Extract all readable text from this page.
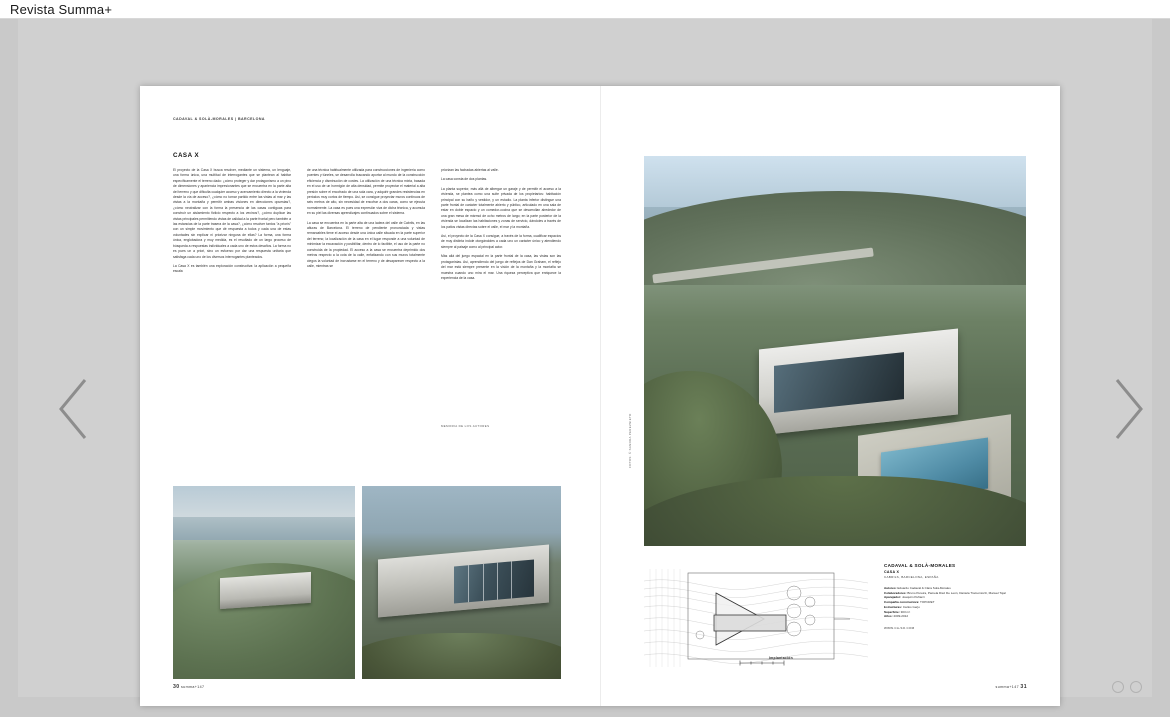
Revista Summa+
CADAVAL & SOLÀ-MORALES | BARCELONA
CASA X

El proyecto de la Casa X busca resolver, mediante un sistema, un lenguaje, una forma única, una multitud de interrogantes que se plantean al habitar específicamente el terreno dado: ¿cómo proteger y dar protagonismo a un pino de dimensiones y apariencia impresionantes que se encuentra en la parte alta del terreno y que dificulta cualquier acceso y acercamiento directo a la vivienda desde la vía de acceso?, ¿cómo no tomar partido entre las vistas al mar y las vistas a la montaña y permitir ambas visiones en direcciones opuestas?, ¿cómo neutralizar con la forma la presencia de las casas contiguas para construir un aislamiento ficticio respecto a los vecinos?, ¿cómo duplicar las vistas principales permitiendo vistas de calidad a la parte frontal pero también a las estancias de la parte trasera de la casa?, ¿cómo resolver tantos "a priorís" con un simple movimiento que dé respuesta a todos y cada una de estas voluntades sin explicar ni priorizar ninguna de ellas? La forma, una forma única, englobadora y muy medida, es el resultado de un largo proceso de búsqueda a respuestas individuales a cada uno de estos desafíos. La forma no es pues un a priori, sino un esfuerzo por dar una respuesta unitaria que satisfaga cada uno de los diversos interrogantes planteados.

La Casa X es también una exploración constructiva: la aplicación a pequeña escala

de una técnica habitualmente utilizada para construcciones de ingeniería como puentes y túneles, se desarrolla buscando aportar al mundo de la construcción eficiencia y disminución de costes. La utilización de una técnica mixta, basada en el uso de un hormigón de alta densidad, permite proyectar el material a alta presión sobre el encofrado de una sola cara, y adquirir grandes resistencias en periodos muy cortos de tiempo. Así, se consigue proyectar muros continuos de seis metros de alto, sin necesidad de encofrar a dos caras, como se ejecuta normalmente. La casa es pues una expresión viva de dicha técnica, y acumula en su piel las diversas aprendizajes continuados sobre el sistema.

La casa se encuentra en la parte alta de una ladera del valle de Cabrils, en las alturas de Barcelona. El terreno de pendiente pronunciada y vistas remarcables tiene el acceso desde una única calle situada en la parte superior del terreno; la localización de la casa en el lugar responde a una voluntad de minimizar la excavación y posibilitar, dentro de lo factible, el uso de la parte no construida de la propiedad. El acceso a la casa se encuentra deprimido dos metros respecto a la cota de la calle, enfatizando con sus muros totalmente ciegos la voluntad de incrustarse en el terreno y de desaparecer respecto a la calle, mientras se

priorizan las fachadas abiertas al valle.

La casa consta de dos plantas.

La planta superior, más allá de albergar un garaje y de permitir el acceso a la vivienda, se plantea como una suite privada de los propietarios: habitación principal con su baño y vestidor, y un estudio. La planta inferior distingue una parte frontal de carácter totalmente abierto y público, articulado en una sala de estar en doble espacio y un comedor-cocina que se desarrollan alrededor de una gran mesa de mármol de ocho metros de largo; en la parte posterior de la vivienda se localizan las habitaciones y zonas de servicio, dándoles a través de los patios vistas directas sobre el valle, el mar y la montaña.

Así, el proyecto de la Casa X consigue, a través de la forma, cualificar espacios de muy distinta índole otorgándoles a cada uno un carácter único y atendiendo siempre al paisaje como al principal actor.

Más allá del juego espacial en la parte frontal de la casa, las vistas son las protagonistas. Así, aprendiendo del juego de reflejos de Dan Graham, el reflejo del mar está siempre presente en la visión de la montaña y la montaña se muestra cuando uno mira el mar. Una riqueza perceptiva que enriquece la experiencia de la casa.

MEMORIA DE LOS AUTORES
30 summa+147
FOTOS: © SANDRA PEREZNIETO
Implantación
CADAVAL & SOLÀ-MORALES
CASA X
CABRILS, BARCELONA, ESPAÑA
Autores: Eduardo Cadaval & Clara Solà-Morales
Colaboradores: Bruno Pereira, Pamela Diaz De León, Daniela Tramontozzi, Manuel Tojal
Aparejador: Joaquim Peñarci
Compañía constructora: TOPCRET
Estructuras: Carlos Gerjo
Superficie: 303 m²
Años: 2009-2012
WWW.CA-SO.COM
summa+147 31
